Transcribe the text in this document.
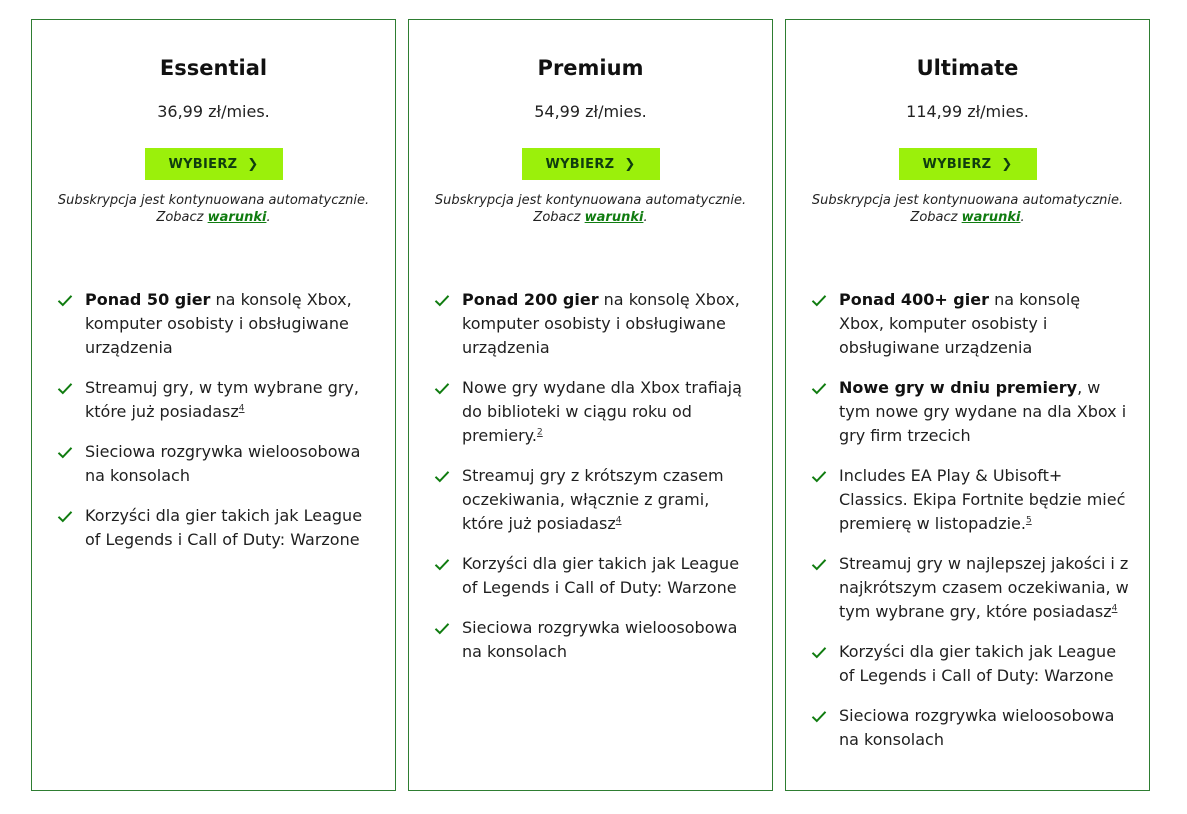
Essential
36,99 zł/mies.
WYBIERZ ❯

Subskrypcja jest kontynuowana automatycznie. Zobacz warunki.

Ponad 50 gier na konsolę Xbox, komputer osobisty i obsługiwane urządzenia
Streamuj gry, w tym wybrane gry, które już posiadasz$^4$
Sieciowa rozgrywka wieloosobowa na konsolach
Korzyści dla gier takich jak League of Legends i Call of Duty: Warzone
Premium
54,99 zł/mies.
WYBIERZ ❯

Subskrypcja jest kontynuowana automatycznie. Zobacz warunki.

Ponad 200 gier na konsolę Xbox, komputer osobisty i obsługiwane urządzenia
Nowe gry wydane dla Xbox trafiają do biblioteki w ciągu roku od premiery.$^2$
Streamuj gry z krótszym czasem oczekiwania, włącznie z grami, które już posiadasz$^4$
Korzyści dla gier takich jak League of Legends i Call of Duty: Warzone
Sieciowa rozgrywka wieloosobowa na konsolach
Ultimate
114,99 zł/mies.
WYBIERZ ❯

Subskrypcja jest kontynuowana automatycznie. Zobacz warunki.

Ponad 400+ gier na konsolę Xbox, komputer osobisty i obsługiwane urządzenia
Nowe gry w dniu premiery, w tym nowe gry wydane na dla Xbox i gry firm trzecich
Includes EA Play & Ubisoft+ Classics. Ekipa Fortnite będzie mieć premierę w listopadzie.$^5$
Streamuj gry w najlepszej jakości i z najkrótszym czasem oczekiwania, w tym wybrane gry, które posiadasz$^4$
Korzyści dla gier takich jak League of Legends i Call of Duty: Warzone
Sieciowa rozgrywka wieloosobowa na konsolach
